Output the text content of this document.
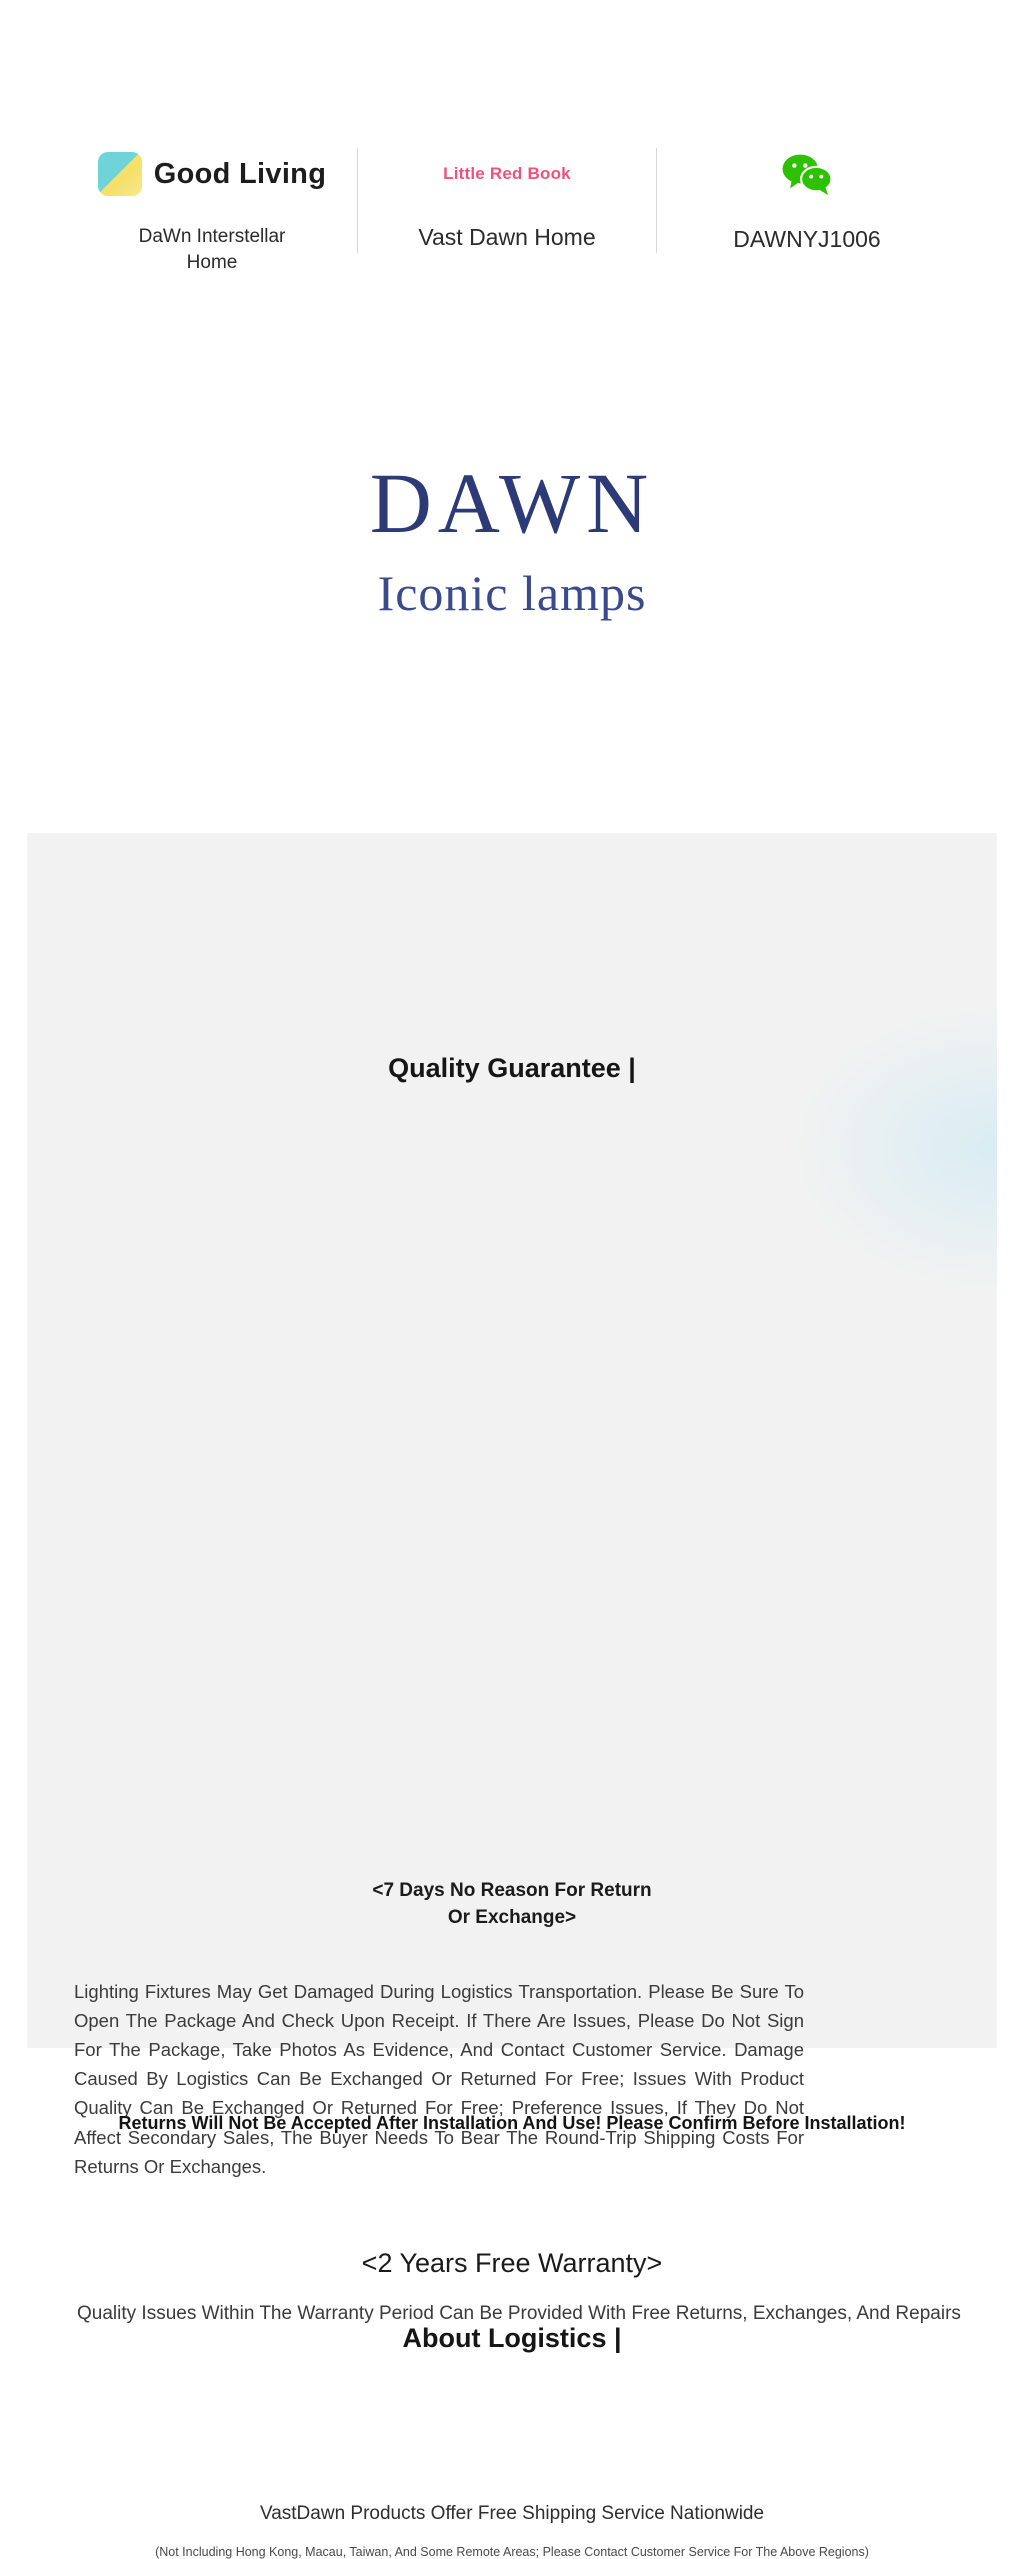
Good Living
DaWn Interstellar Home
Little Red Book
Vast Dawn Home	DAWNYJ1006
DAWN
Iconic lamps
Quality Guarantee |
<7 Days No Reason For Return Or Exchange>

Lighting Fixtures May Get Damaged During Logistics Transportation. Please Be Sure To Open The Package And Check Upon Receipt. If There Are Issues, Please Do Not Sign For The Package, Take Photos As Evidence, And Contact Customer Service. Damage Caused By Logistics Can Be Exchanged Or Returned For Free; Issues With Product Quality Can Be Exchanged Or Returned For Free; Preference Issues, If They Do Not Affect Secondary Sales, The Buyer Needs To Bear The Round-Trip Shipping Costs For Returns Or Exchanges.

Returns Will Not Be Accepted After Installation And Use! Please Confirm Before Installation!
<2 Years Free Warranty>
Quality Issues Within The Warranty Period Can Be Provided With Free Returns, Exchanges, And Repairs
About Logistics |
VastDawn Products Offer Free Shipping Service Nationwide
(Not Including Hong Kong, Macau, Taiwan, And Some Remote Areas; Please Contact Customer Service For The Above Regions)
